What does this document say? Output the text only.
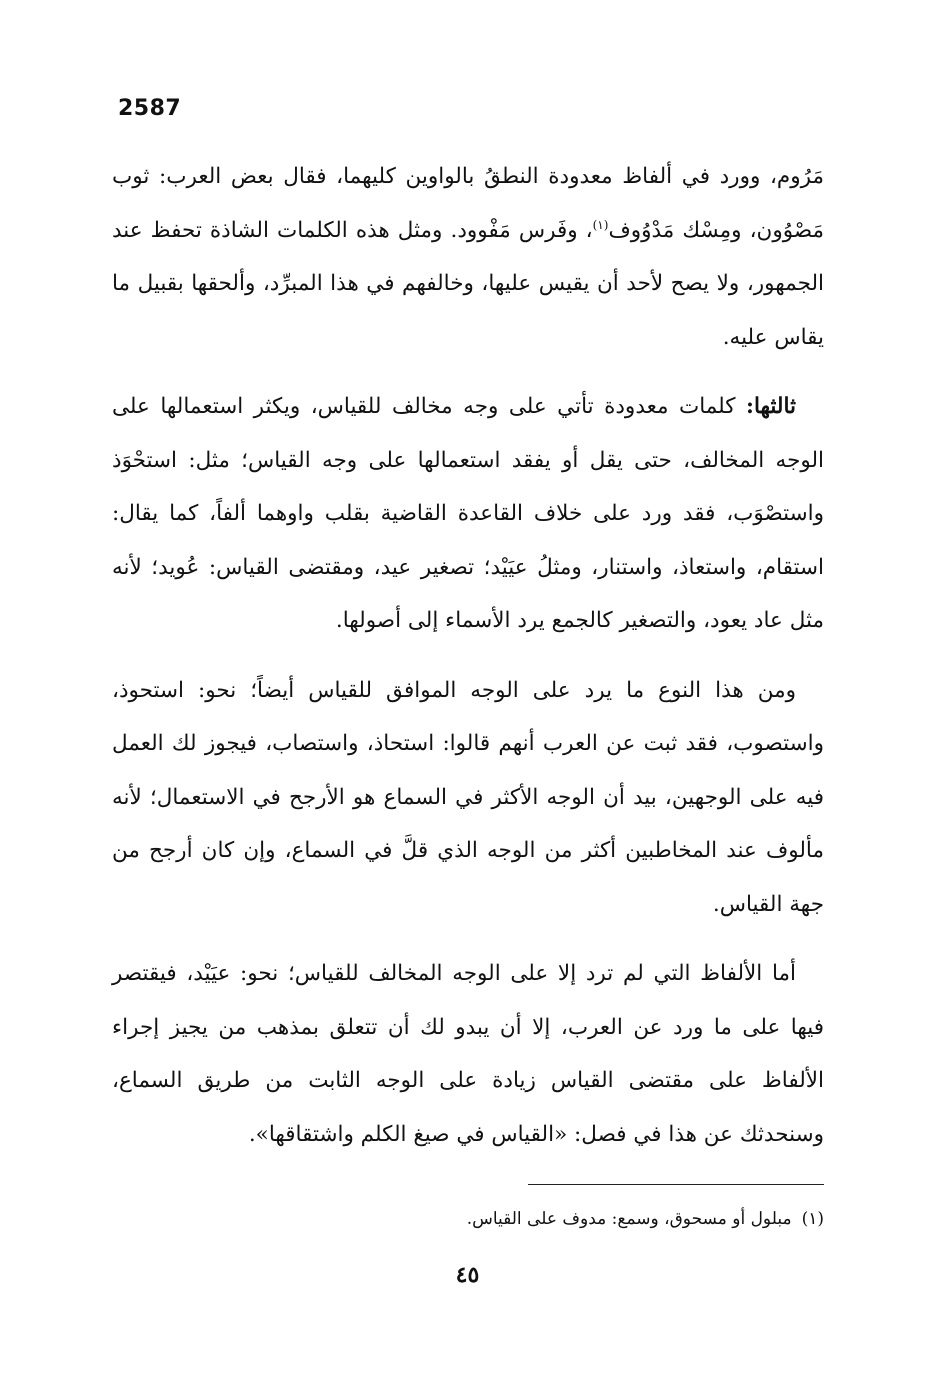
2587

مَرُوم، وورد في ألفاظ معدودة النطقُ بالواوين كليهما، فقال بعض العرب: ثوب مَصْوُون، ومِسْك مَدْوُوف$^{(١)}$، وفَرس مَفْوود. ومثل هذه الكلمات الشاذة تحفظ عند الجمهور، ولا يصح لأحد أن يقيس عليها، وخالفهم في هذا المبرِّد، وألحقها بقبيل ما يقاس عليه.

ثالثها: كلمات معدودة تأتي على وجه مخالف للقياس، ويكثر استعمالها على الوجه المخالف، حتى يقل أو يفقد استعمالها على وجه القياس؛ مثل: استحْوَذ واستصْوَب، فقد ورد على خلاف القاعدة القاضية بقلب واوهما ألفاً، كما يقال: استقام، واستعاذ، واستنار، ومثلُ عيَيْد؛ تصغير عيد، ومقتضى القياس: عُويد؛ لأنه مثل عاد يعود، والتصغير كالجمع يرد الأسماء إلى أصولها.

ومن هذا النوع ما يرد على الوجه الموافق للقياس أيضاً؛ نحو: استحوذ، واستصوب، فقد ثبت عن العرب أنهم قالوا: استحاذ، واستصاب، فيجوز لك العمل فيه على الوجهين، بيد أن الوجه الأكثر في السماع هو الأرجح في الاستعمال؛ لأنه مألوف عند المخاطبين أكثر من الوجه الذي قلَّ في السماع، وإن كان أرجح من جهة القياس.

أما الألفاظ التي لم ترد إلا على الوجه المخالف للقياس؛ نحو: عيَيْد، فيقتصر فيها على ما ورد عن العرب، إلا أن يبدو لك أن تتعلق بمذهب من يجيز إجراء الألفاظ على مقتضى القياس زيادة على الوجه الثابت من طريق السماع، وسنحدثك عن هذا في فصل: «القياس في صيغ الكلم واشتقاقها».

(١)مبلول أو مسحوق، وسمع: مدوف على القياس.
٤٥
